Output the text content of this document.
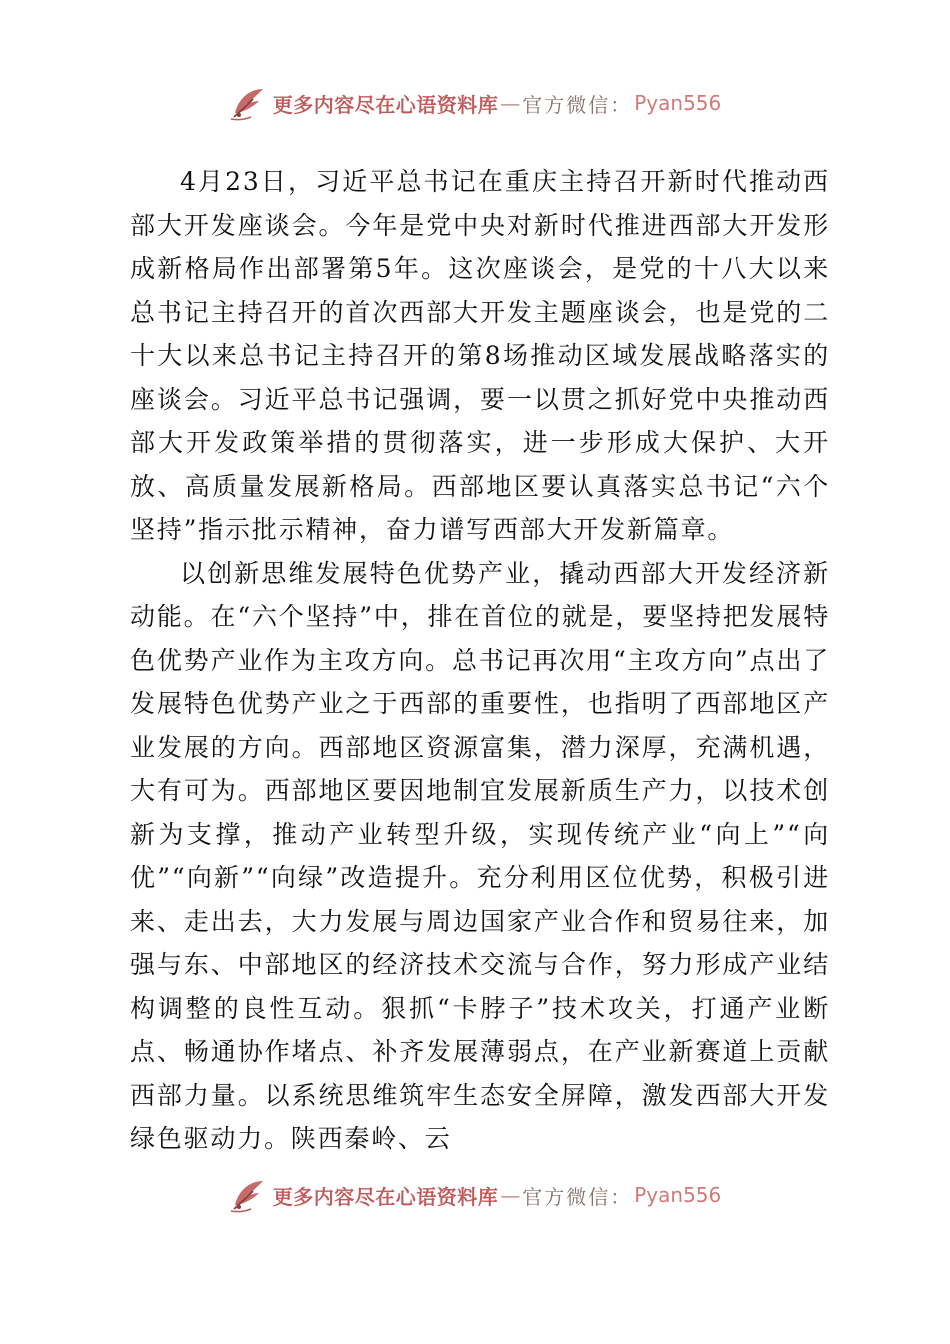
更多内容尽在心语资料库 — 官方微信： Pyan556

4月23日，习近平总书记在重庆主持召开新时代推动西部大开发座谈会。今年是党中央对新时代推进西部大开发形成新格局作出部署第5年。这次座谈会，是党的十八大以来总书记主持召开的首次西部大开发主题座谈会，也是党的二十大以来总书记主持召开的第8场推动区域发展战略落实的座谈会。习近平总书记强调，要一以贯之抓好党中央推动西部大开发政策举措的贯彻落实，进一步形成大保护、大开放、高质量发展新格局。西部地区要认真落实总书记“六个坚持”指示批示精神，奋力谱写西部大开发新篇章。

以创新思维发展特色优势产业，撬动西部大开发经济新动能。在“六个坚持”中，排在首位的就是，要坚持把发展特色优势产业作为主攻方向。总书记再次用“主攻方向”点出了发展特色优势产业之于西部的重要性，也指明了西部地区产业发展的方向。西部地区资源富集，潜力深厚，充满机遇，大有可为。西部地区要因地制宜发展新质生产力，以技术创新为支撑，推动产业转型升级，实现传统产业“向上”“向优”“向新”“向绿”改造提升。充分利用区位优势，积极引进来、走出去，大力发展与周边国家产业合作和贸易往来，加强与东、中部地区的经济技术交流与合作，努力形成产业结构调整的良性互动。狠抓“卡脖子”技术攻关，打通产业断点、畅通协作堵点、补齐发展薄弱点，在产业新赛道上贡献西部力量。以系统思维筑牢生态安全屏障，激发西部大开发绿色驱动力。陕西秦岭、云

更多内容尽在心语资料库 — 官方微信： Pyan556
